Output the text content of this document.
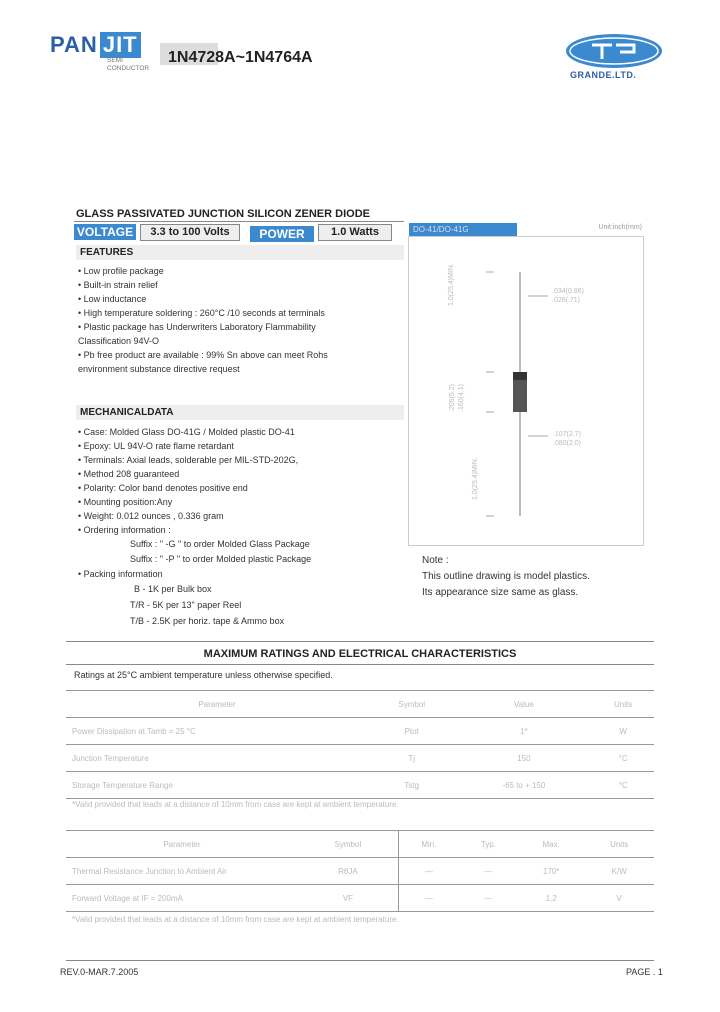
PAN JIT
SEMI
CONDUCTOR
1N4728A~1N4764A
GRANDE.LTD.
GLASS PASSIVATED JUNCTION SILICON ZENER DIODE
VOLTAGE	3.3 to 100 Volts	POWER	1.0 Watts
FEATURES
• Low profile package
• Built-in strain relief
• Low inductance
• High temperature soldering : 260°C /10 seconds at terminals
• Plastic package has Underwriters Laboratory Flammability
Classification 94V-O
• Pb free product are available : 99% Sn above can meet Rohs
environment substance directive request
MECHANICALDATA
• Case: Molded Glass DO-41G / Molded plastic DO-41
• Epoxy: UL 94V-O rate flame retardant
• Terminals: Axial leads, solderable per MIL-STD-202G,
• Method 208 guaranteed
• Polarity: Color band denotes positive end
• Mounting position:Any
• Weight: 0.012 ounces , 0.336 gram
• Ordering information :
Suffix : " -G " to order Molded Glass Package
Suffix : " -P " to order Molded plastic Package
• Packing information
B - 1K per Bulk box
T/R - 5K per 13" paper Reel
T/B - 2.5K per horiz. tape & Ammo box
DO-41/DO-41G	Unit:inch(mm)
.034(0.86)
.028(.71)
.107(2.7)
.080(2.0)
1.0(25.4)MIN.
.205(5.2) .160(4.1)
1.0(25.4)MIN.
Note :
This outline drawing is model plastics.
Its appearance size same as glass.
MAXIMUM RATINGS AND ELECTRICAL CHARACTERISTICS
Ratings at 25°C ambient temperature unless otherwise specified.
Parameter	Symbol	Value	Units
Power Dissipation at Tamb = 25 °C	Ptot	1*	W
Junction Temperature	Tj	150	°C
Storage Temperature Range	Tstg	-65 to + 150	°C
*Valid provided that leads at a distance of 10mm from case are kept at ambient temperature.
Parameter	Symbol	Min.	Typ.	Max.	Units
Thermal Resistance Junction to Ambient Air	RθJA	—	—	170*	K/W
Forward Voltage at IF = 200mA	VF	—	—	1.2	V
*Valid provided that leads at a distance of 10mm from case are kept at ambient temperature.
REV.0-MAR.7.2005	PAGE . 1
